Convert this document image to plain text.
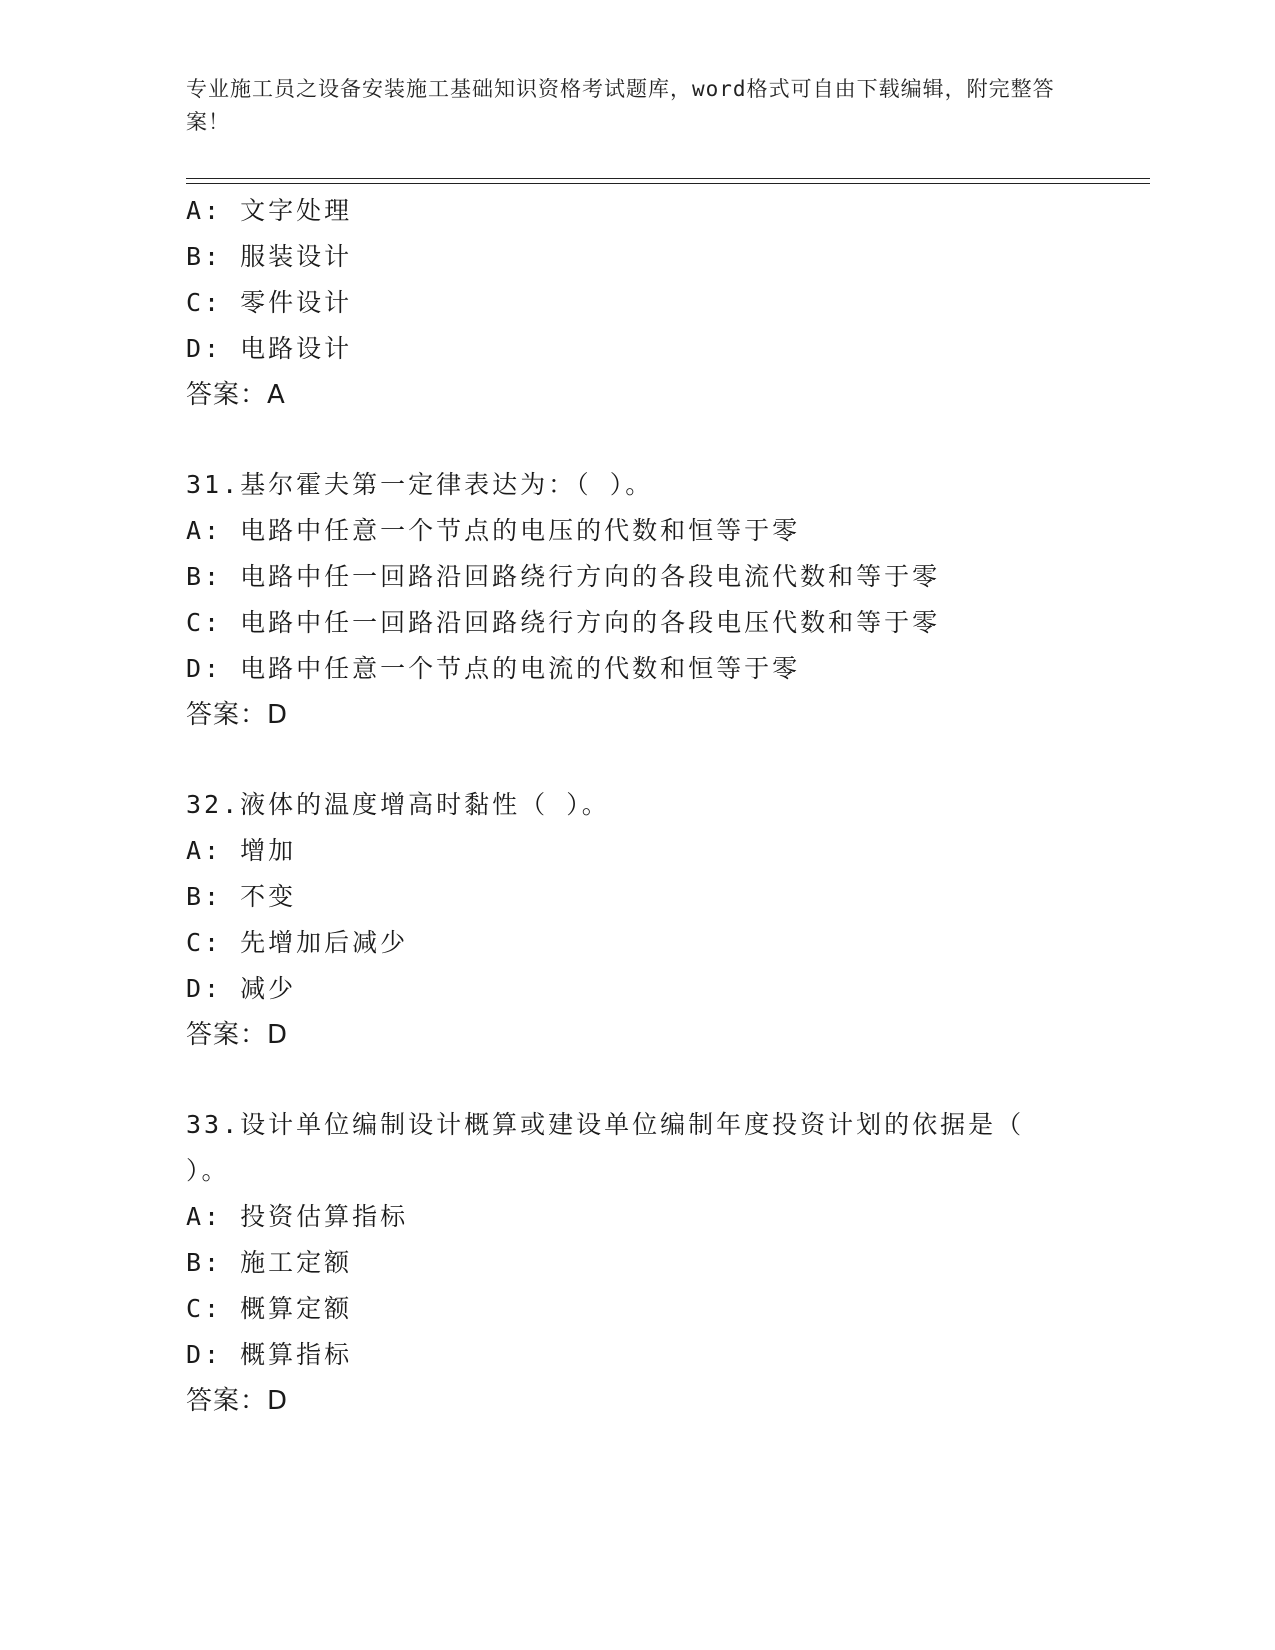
专业施工员之设备安装施工基础知识资格考试题库，word格式可自由下载编辑，附完整答案！
A: 文字处理
B: 服装设计
C: 零件设计
D: 电路设计
答案：A
31.基尔霍夫第一定律表达为：（ ）。
A: 电路中任意一个节点的电压的代数和恒等于零
B: 电路中任一回路沿回路绕行方向的各段电流代数和等于零
C: 电路中任一回路沿回路绕行方向的各段电压代数和等于零
D: 电路中任意一个节点的电流的代数和恒等于零
答案：D
32.液体的温度增高时黏性（ ）。
A: 增加
B: 不变
C: 先增加后减少
D: 减少
答案：D
33.设计单位编制设计概算或建设单位编制年度投资计划的依据是（
）。
A: 投资估算指标
B: 施工定额
C: 概算定额
D: 概算指标
答案：D
